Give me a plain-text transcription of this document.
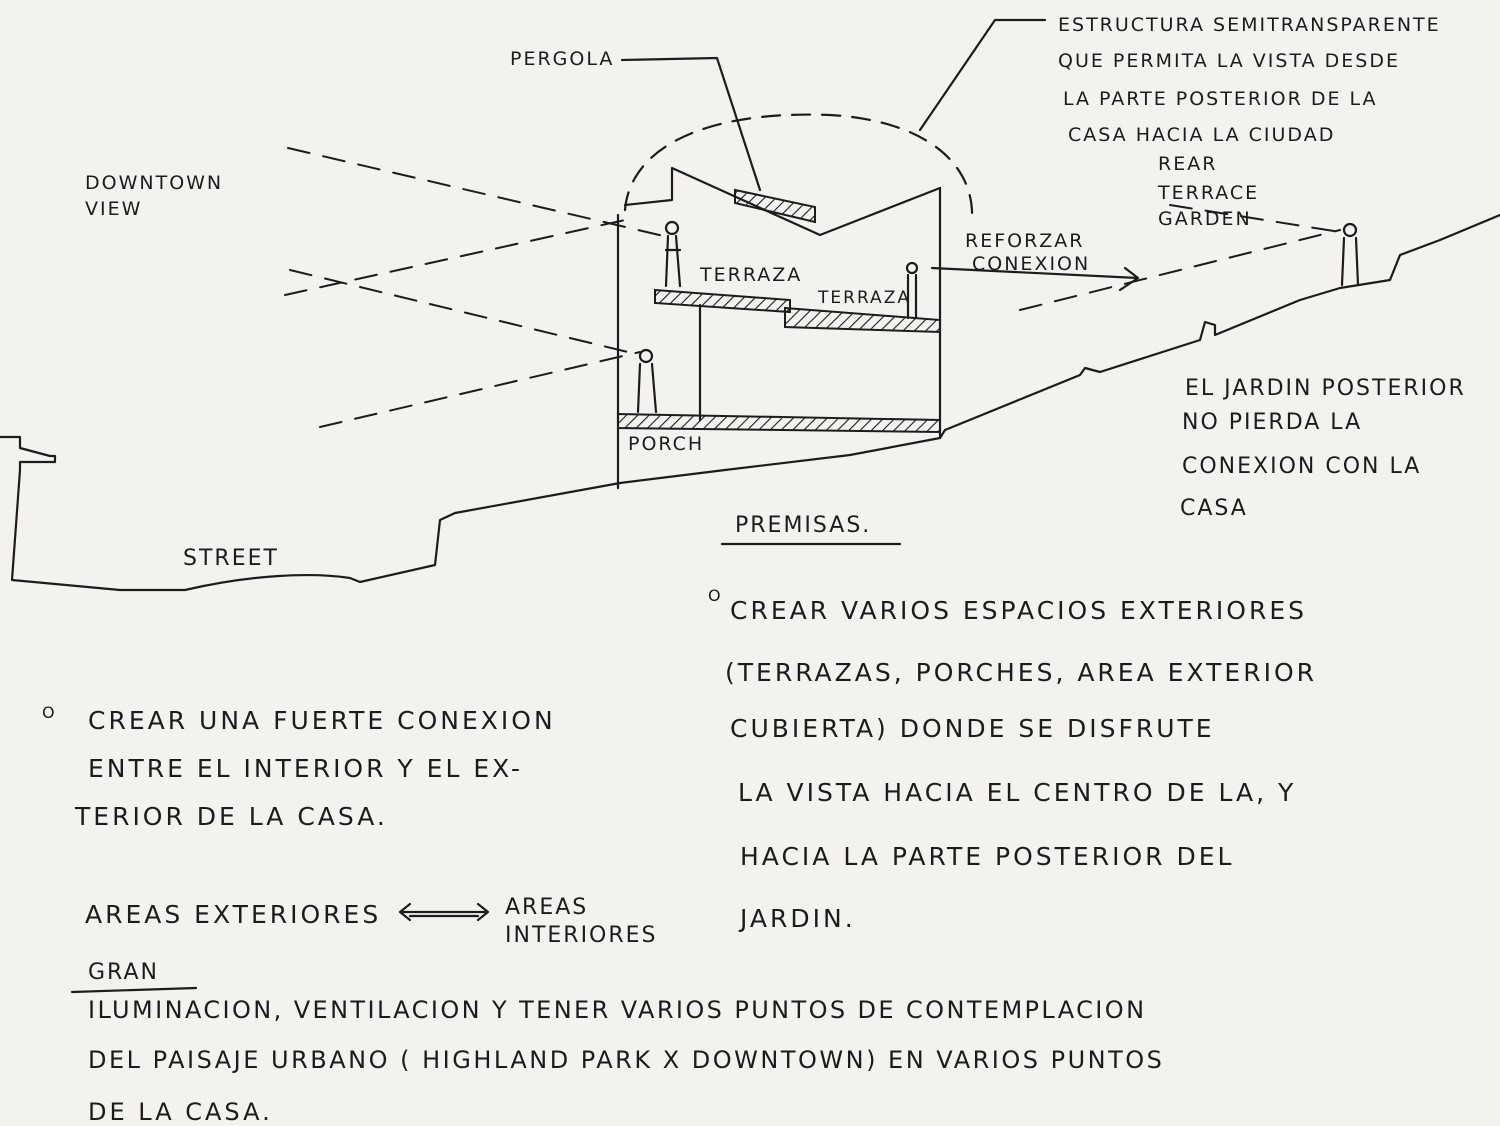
PERGOLA
DOWNTOWN
VIEW
ESTRUCTURA SEMITRANSPARENTE
QUE PERMITA LA VISTA DESDE
LA PARTE POSTERIOR DE LA
CASA HACIA LA CIUDAD
REAR
TERRACE
GARDEN
REFORZAR
CONEXION
TERRAZA
TERRAZA
PORCH
STREET
EL JARDIN POSTERIOR
NO PIERDA LA
CONEXION CON LA
CASA
PREMISAS.
O
CREAR VARIOS ESPACIOS EXTERIORES
(TERRAZAS, PORCHES, AREA EXTERIOR
CUBIERTA) DONDE SE DISFRUTE
LA VISTA HACIA EL CENTRO DE LA, Y
HACIA LA PARTE POSTERIOR DEL
JARDIN.
O CREAR UNA FUERTE CONEXION
ENTRE EL INTERIOR Y EL EX-
TERIOR DE LA CASA.
AREAS EXTERIORES	AREAS
INTERIORES
GRAN
ILUMINACION, VENTILACION Y TENER VARIOS PUNTOS DE CONTEMPLACION
DEL PAISAJE URBANO ( HIGHLAND PARK X DOWNTOWN) EN VARIOS PUNTOS
DE LA CASA.
